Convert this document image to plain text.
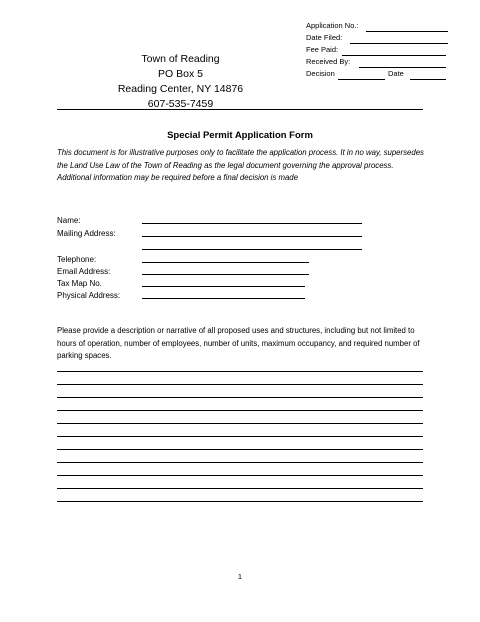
Application No.:
Date Filed:
Fee Paid:
Received By:
Decision	Date
Town of Reading
PO Box 5
Reading Center, NY 14876
607-535-7459
Special Permit Application Form
This document is for illustrative purposes only to facilitate the application process. It in no way, supersedes the Land Use Law of the Town of Reading as the legal document governing the approval process. Additional information may be required before a final decision is made
Name:
Mailing Address:
Telephone:
Email Address:
Tax Map No.
Physical Address:
Please provide a description or narrative of all proposed uses and structures, including but not limited to hours of operation, number of employees, number of units, maximum occupancy, and required number of parking spaces.
1
